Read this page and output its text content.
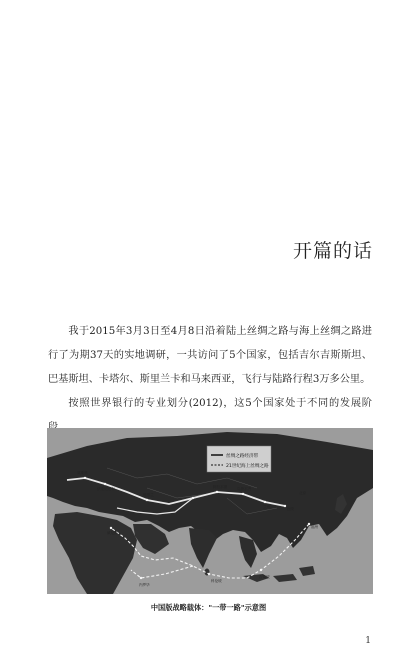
开篇的话

我于2015年3月3日至4月8日沿着陆上丝绸之路与海上丝绸之路进行了为期37天的实地调研，一共访问了5个国家，包括吉尔吉斯斯坦、巴基斯坦、卡塔尔、斯里兰卡和马来西亚，飞行与陆路行程3万多公里。

按照世界银行的专业划分(2012)，这5个国家处于不同的发展阶

丝绸之路经济带
21世纪海上丝绸之路
西安
北京
兰州
乌鲁木齐
阿拉木图
德黑兰
伊斯坦布尔
莫斯科
福州
吉隆坡
科伦坡
内罗毕
威尼斯
中国版战略载体："一带一路"示意图
1
